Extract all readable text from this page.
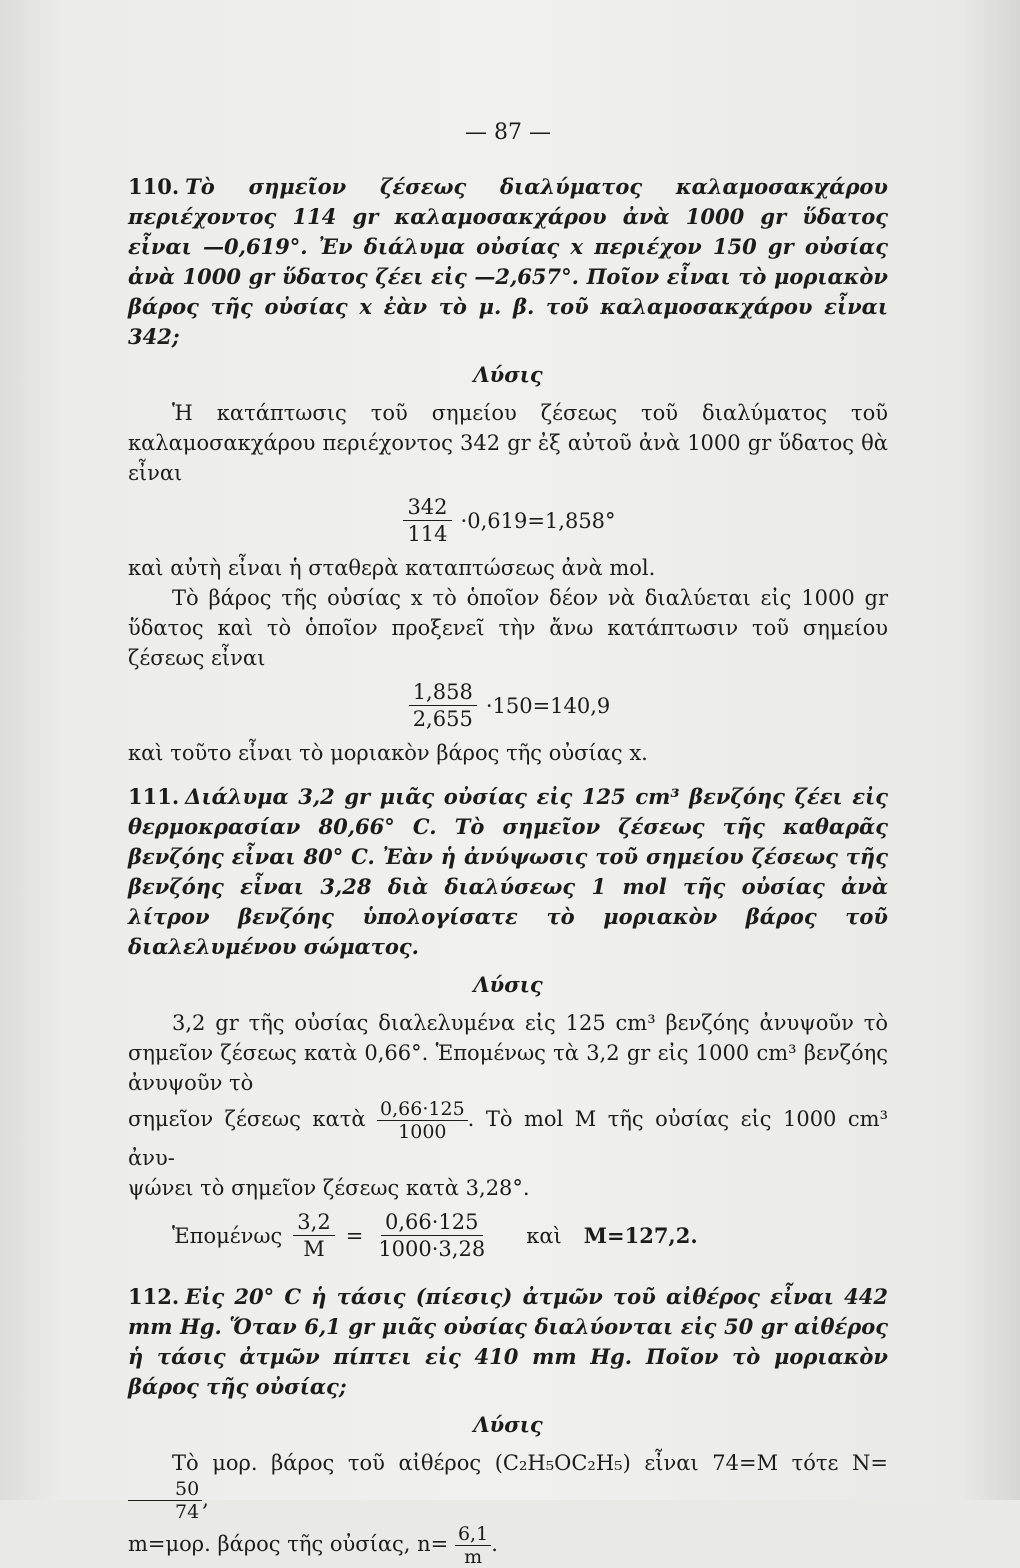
— 87 —
110. Τὸ σημεῖον ζέσεως διαλύματος καλαμοσακχάρου περιέχοντος 114 gr καλαμοσακχάρου ἀνὰ 1000 gr ὕδατος εἶναι —0,619°. Ἐν διάλυμα οὐσίας x περιέχον 150 gr οὐσίας ἀνὰ 1000 gr ὕδατος ζέει εἰς —2,657°. Ποῖον εἶναι τὸ μοριακὸν βάρος τῆς οὐσίας x ἐὰν τὸ μ. β. τοῦ καλαμοσακχάρου εἶναι 342;
Λύσις

Ἡ κατάπτωσις τοῦ σημείου ζέσεως τοῦ διαλύματος τοῦ καλαμοσακχάρου περιέχοντος 342 gr ἐξ αὐτοῦ ἀνὰ 1000 gr ὕδατος θὰ εἶναι

$\frac{342}{114} \cdot 0,619=1,858^\circ$

καὶ αὐτὴ εἶναι ἡ σταθερὰ καταπτώσεως ἀνὰ mol.

Τὸ βάρος τῆς οὐσίας x τὸ ὁποῖον δέον νὰ διαλύεται εἰς 1000 gr ὕδατος καὶ τὸ ὁποῖον προξενεῖ τὴν ἄνω κατάπτωσιν τοῦ σημείου ζέσεως εἶναι

$\frac{1,858}{2,655} \cdot 150=140,9$

καὶ τοῦτο εἶναι τὸ μοριακὸν βάρος τῆς οὐσίας x.

111. Διάλυμα 3,2 gr μιᾶς οὐσίας εἰς 125 cm³ βενζόης ζέει εἰς θερμοκρασίαν 80,66° C. Τὸ σημεῖον ζέσεως τῆς καθαρᾶς βενζόης εἶναι 80° C. Ἐὰν ἡ ἀνύψωσις τοῦ σημείου ζέσεως τῆς βενζόης εἶναι 3,28 διὰ διαλύσεως 1 mol τῆς οὐσίας ἀνὰ λίτρον βενζόης ὑπολογίσατε τὸ μοριακὸν βάρος τοῦ διαλελυμένου σώματος.
Λύσις

3,2 gr τῆς οὐσίας διαλελυμένα εἰς 125 cm³ βενζόης ἀνυψοῦν τὸ σημεῖον ζέσεως κατὰ 0,66°. Ἑπομένως τὰ 3,2 gr εἰς 1000 cm³ βενζόης ἀνυψοῦν τὸ

σημεῖον ζέσεως κατὰ $\frac{0,66\cdot 125}{1000}$ . Τὸ mol M τῆς οὐσίας εἰς 1000 cm³ ἀνυ-

ψώνει τὸ σημεῖον ζέσεως κατὰ 3,28°.

Ἑπομένως $\frac{3,2}{M} = \frac{0,66\cdot 125}{1000\cdot 3,28}$ καὶ M=127,2.
112. Εἰς 20° C ἡ τάσις (πίεσις) ἀτμῶν τοῦ αἰθέρος εἶναι 442 mm Hg. Ὅταν 6,1 gr μιᾶς οὐσίας διαλύονται εἰς 50 gr αἰθέρος ἡ τάσις ἀτμῶν πίπτει εἰς 410 mm Hg. Ποῖον τὸ μοριακὸν βάρος τῆς οὐσίας;
Λύσις

Τὸ μορ. βάρος τοῦ αἰθέρος (C₂H₅OC₂H₅) εἶναι 74=M τότε N=
$\frac{50}{74}$ ,

m=μορ. βάρος τῆς οὐσίας, $n= \frac{6,1}{m}$ .
